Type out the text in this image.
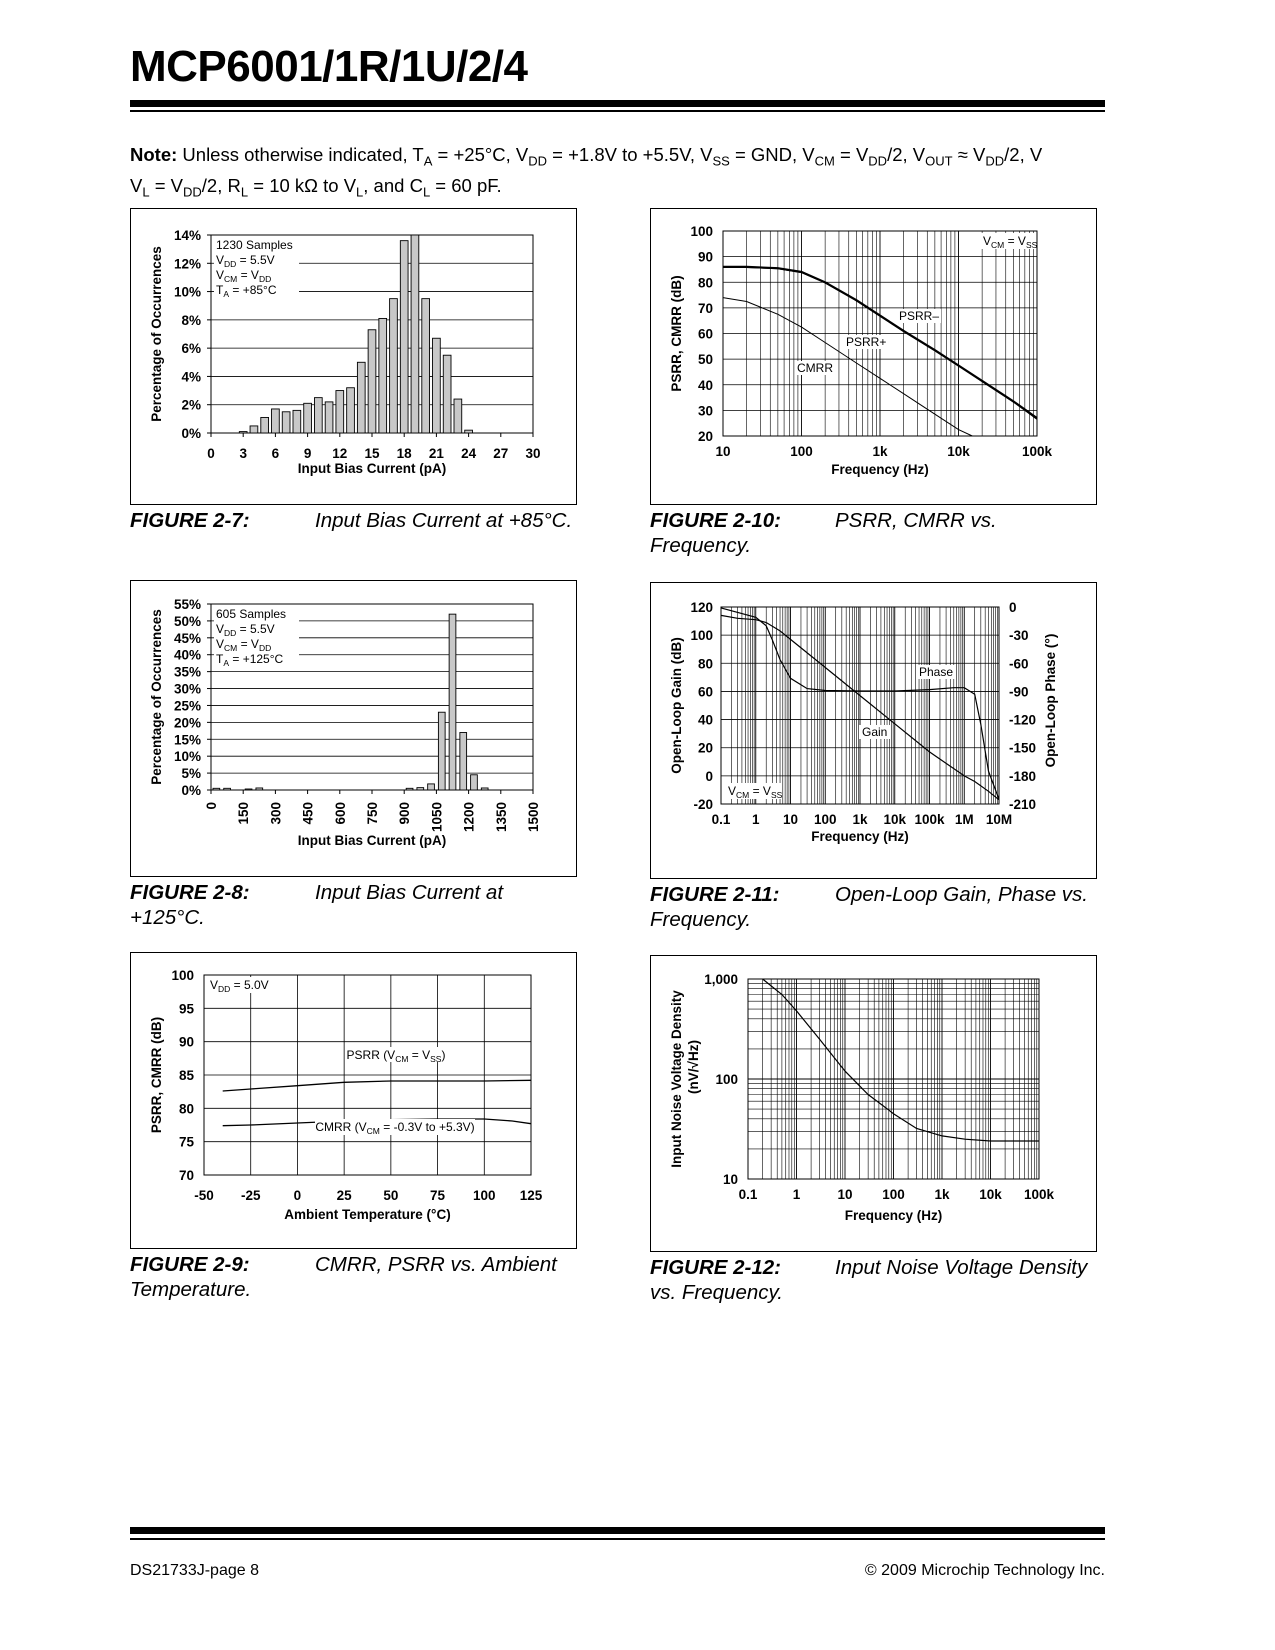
MCP6001/1R/1U/2/4
Note: Unless otherwise indicated, $T_A = +25^\circ C$, $V_{DD} = +1.8V$ to +5.5V, $V_{SS}$ = GND, $V_{CM} = V_{DD}/2$, $V_{OUT} \approx V_{DD}/2$, V
$V_L = V_{DD}/2$, $R_L = 10$ kΩ to $V_L$, and $C_L = 60$ pF.
0%
2%
4%
6%
8%
10%
12%
14%
0 3 6 9 12 15 18 21 24 27 30
1230 Samples
$V_{DD} = 5.5V$
$V_{CM} = V_{DD}$
$T_A = +85^\circ C$
Input Bias Current (pA)
Percentage of Occurrences
FIGURE 2-7:	Input Bias Current at +85°C.
0%
5%
10%
15%
20%
25%
30%
35%
40%
45%
50%
55%
0 150 300 450 600 750 900 1050 1200 1350 1500
605 Samples
$V_{DD} = 5.5V$
$V_{CM} = V_{DD}$
$T_A = +125^\circ C$
Input Bias Current (pA)
Percentage of Occurrences
FIGURE 2-8:	Input Bias Current at
+125°C.
70
75
80
85
90
95
100
-50 -25 0	25 50 75 100 125
$V_{DD} = 5.0V$
PSRR $(V_{CM} = V_{SS})$
CMRR ($V_{CM} = -0.3V$ to +5.3V)
Ambient Temperature (°C)
PSRR, CMRR (dB)
FIGURE 2-9:	CMRR, PSRR vs. Ambient
Temperature.
20
30
40
50
60
70
80
90
100
10	100	1k	10k	100k
$V_{CM} = V_{SS}$
PSRR–
PSRR+
CMRR
Frequency (Hz)
PSRR, CMRR (dB)
FIGURE 2-10:	PSRR, CMRR vs.
Frequency.
-20
0
20
40
60
80
100
120
-210
-180
-150
-120
-90
-60
-30
0
0.1 1 10 100 1k 10k 100k 1M 10M
$V_{CM} = V_{SS}$
Phase
Gain
Frequency (Hz)
Open-Loop Gain (dB)	Open-Loop Phase (°)
FIGURE 2-11:	Open-Loop Gain, Phase vs.
Frequency.
10
100
1,000
0.1	1	10 100 1k 10k 100k
Frequency (Hz)
Input Noise Voltage Density (nV/√Hz)
FIGURE 2-12:	Input Noise Voltage Density
vs. Frequency.
DS21733J-page 8	© 2009 Microchip Technology Inc.
